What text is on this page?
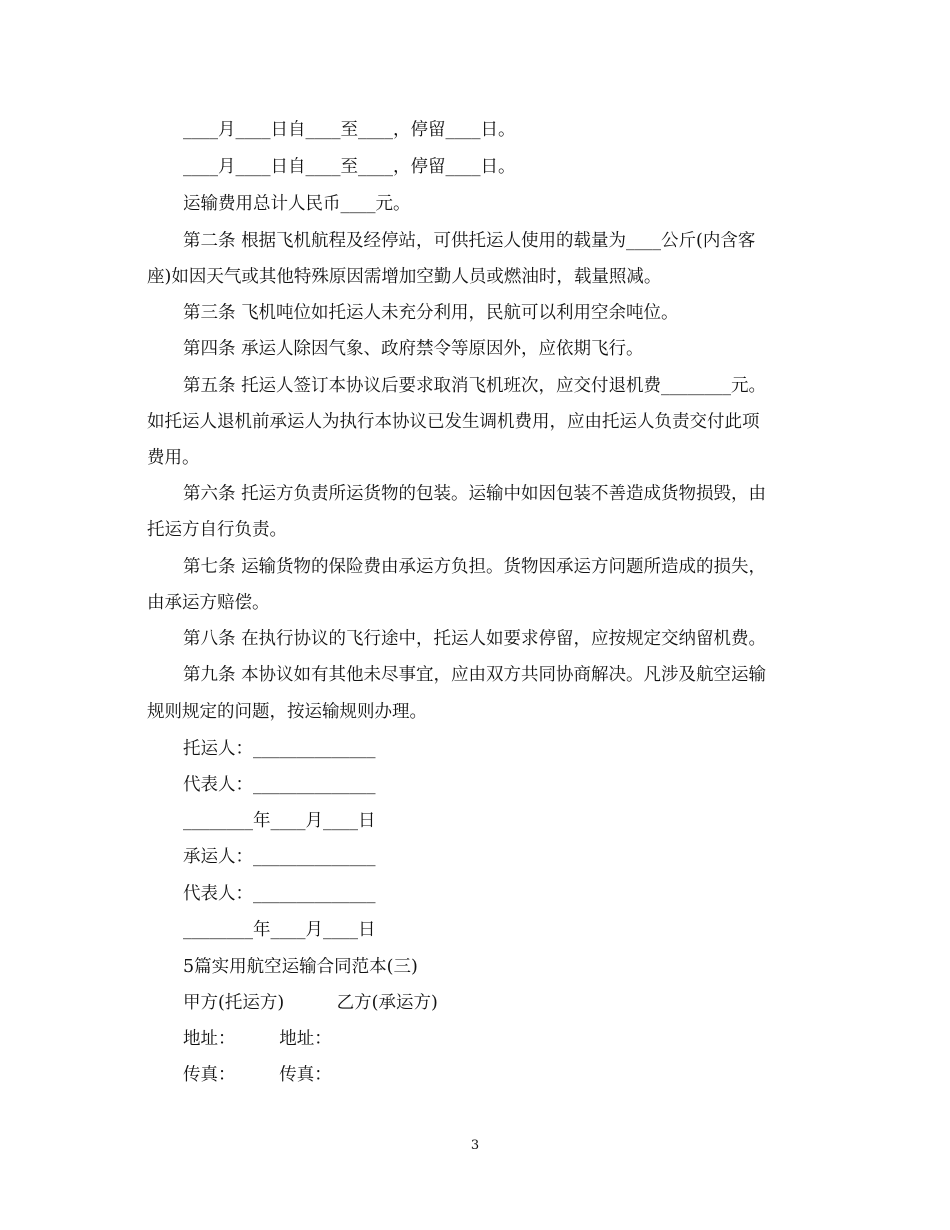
____月____日自____至____，停留____日。
____月____日自____至____，停留____日。
运输费用总计人民币____元。
第二条 根据飞机航程及经停站，可供托运人使用的载量为____公斤(内含客
座)如因天气或其他特殊原因需增加空勤人员或燃油时，载量照减。
第三条 飞机吨位如托运人未充分利用，民航可以利用空余吨位。
第四条 承运人除因气象、政府禁令等原因外，应依期飞行。
第五条 托运人签订本协议后要求取消飞机班次，应交付退机费________元。
如托运人退机前承运人为执行本协议已发生调机费用，应由托运人负责交付此项
费用。
第六条 托运方负责所运货物的包装。运输中如因包装不善造成货物损毁，由
托运方自行负责。
第七条 运输货物的保险费由承运方负担。货物因承运方问题所造成的损失，
由承运方赔偿。
第八条 在执行协议的飞行途中，托运人如要求停留，应按规定交纳留机费。
第九条 本协议如有其他未尽事宜，应由双方共同协商解决。凡涉及航空运输
规则规定的问题，按运输规则办理。
托运人：______________
代表人：______________
________年____月____日
承运人：______________
代表人：______________
________年____月____日
5篇实用航空运输合同范本(三)
甲方(托运方)　　　乙方(承运方)
地址：　　　地址：
传真：　　　传真：
3
